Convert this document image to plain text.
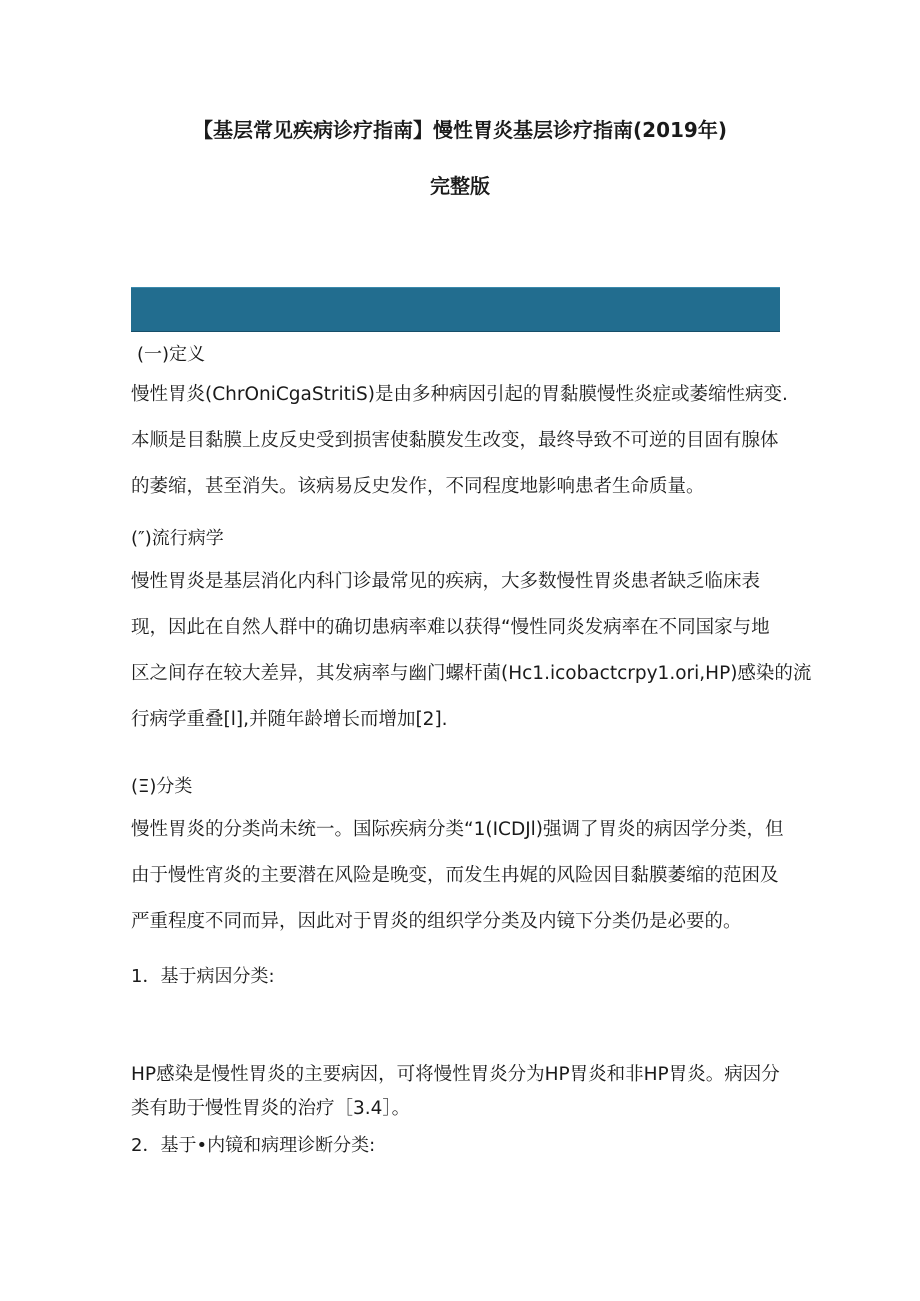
【基层常见疾病诊疗指南】慢性胃炎基层诊疗指南(2019年)
完整版
(一)定义
慢性胃炎(ChrOniCgaStritiS)是由多种病因引起的胃黏膜慢性炎症或萎缩性病变.
本顺是目黏膜上皮反史受到损害使黏膜发生改变，最终导致不可逆的目固有腺体
的萎缩，甚至消失。该病易反史发作，不同程度地影响患者生命质量。
(″)流行病学
慢性胃炎是基层消化内科门诊最常见的疾病，大多数慢性胃炎患者缺乏临床表
现，因此在自然人群中的确切患病率难以获得“慢性同炎发病率在不同国家与地
区之间存在较大差异，其发病率与幽门螺杆菌(Hc1.icobactcrpy1.ori,HP)感染的流
行病学重叠[l],并随年龄增长而增加[2].
(Ξ)分类
慢性胃炎的分类尚未统一。国际疾病分类“1(ICDJl)强调了胃炎的病因学分类，但
由于慢性宵炎的主要潜在风险是晚变，而发生冉娓的风险因目黏膜萎缩的范困及
严重程度不同而异，因此对于胃炎的组织学分类及内镜下分类仍是必要的。
1．基于病因分类:
HP感染是慢性胃炎的主要病因，可将慢性胃炎分为HP胃炎和非HP胃炎。病因分
类有助于慢性胃炎的治疗［3.4］。
2．基于•内镜和病理诊断分类:
